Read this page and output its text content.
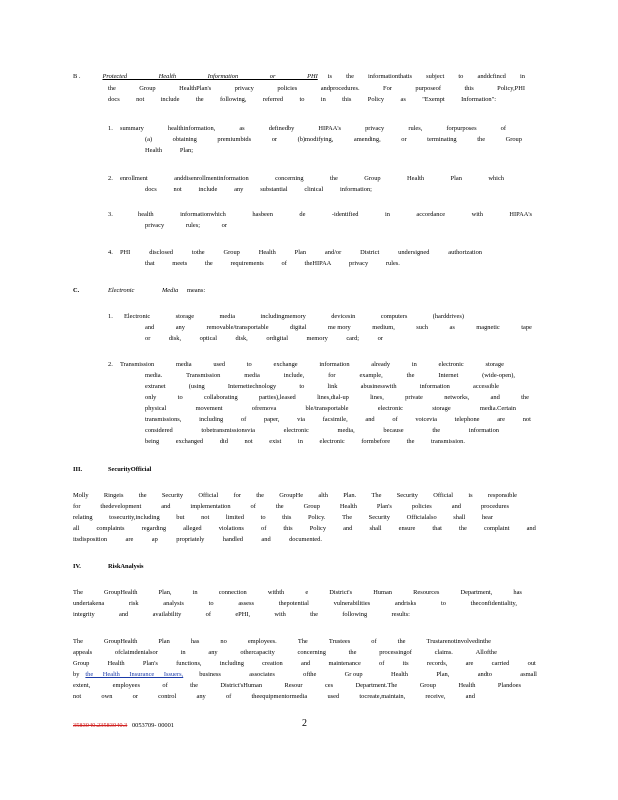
B .	Protected Health Information or PHI is the informationthatis subject to anddcfincd in
the	Group	HealthPlan's	privacy	policies	andprocedures.	For	purposeof	this	Policy,PHI
docs	not	include	the	following,	referred	to	in	this	Policy	as	"Exempt	Information":
1. summary	healthinformation,	as	definedby	HIPAA's	privacy	rules,	forpurposes	of
(a)	obtaining	premiumbids	or	(b)modifying,	amending,	or	terminating	the	Group
Health	Plan;
2. enrollment	anddisenrollmentinformation	concerning	the	Group	Health	Plan	which
docs	not	include	any	substantial	clinical	information;
3.	health	informationwhich	hasbeen	de	-identified	in	accordance	with	HIPAA's
privacy	rules;	or
4. PHI	disclosed	tothe	Group	Health	Plan	and/or	District	undersigned	authorization
that	meets	the	requirements	of	theHIPAA	privacy	rules.
C.	Electronic Media means:
1. Electronic	storage	media	includingmemory	devicesin	computers	(harddrives)
and	any	removable/transportable	digital	me mory	medium,	such	as	magnetic	tape
or	disk,	optical	disk,	ordigital	memory	card;	or
2. Transmission	media	used	to	exchange	information	already	in	electronic	storage
media.	Transmission	media	include,	for	example,	the	Internet	(wide-open),
extranet	(using	Internettechnology	to	link	abusinesswith	information	accessible
only	to	collaborating	parties),leased	lines,dial-up	lines,	private	networks,	and	the
physical	movement	ofremova	ble/transportable	electronic	storage	media.Certain
transmissions,	including	of	paper,	via	facsimile,	and	of	voicevia	telephone	are	not
considered	tobetransmissionsvia	electronic	media,	because	the	information
being	exchanged	did	not	exist	in	electronic	formbefore	the	transmission.
III.	SecurityOfficial
Molly Ringeis the Security Official for the GroupHe alth Plan. The Security Official is responsible
for	thedevelopment	and	implementation	of	the	Group	Health	Plan's	policies	and	procedures
relating	tosecurity,including	but	not	limited	to	this	Policy.	The	Security	Officialalso	shall	hear
all	complaints	regarding	alleged	violations	of	this	Policy	and	shall	ensure	that	the	complaint	and
itsdisposition	are	ap	propriately	handled	and	documented.
IV.	RiskAnalysis
The	GroupHealth	Plan,	in	connection	withth	e	District's	Human	Resources	Department,	has
undertakena	risk	analysis	to	assess	thepotential	vulnerabilities	andrisks	to	theconfidentiality,
integrity	and	availability	of	ePHI,	with	the	following	results:
The	GroupHealth	Plan	has	no	employees.	The	Trustees	of	the	Trustarenotinvolvedinthe
appeals	ofclaimdenialsor	in	any	othercapacity	concerning	the	processingof	claims.	Allofthe
Group	Health	Plan's	functions,	including	creation	and	maintenance	of	its	records,	are	carried	out
by the Health Insurance Issuers,	business	associates	ofthe	Gr oup	Health	Plan,	andto	asmall
extent,	employees	of	the	District'sHuman	Resour	ces	Department.The	Group	Health	Plandoes
not	own	or	control	any	of	theequipmentormedia	used	tocreate,maintain,	receive,	and
3583040.23583040.3 0053709- 00001	2
